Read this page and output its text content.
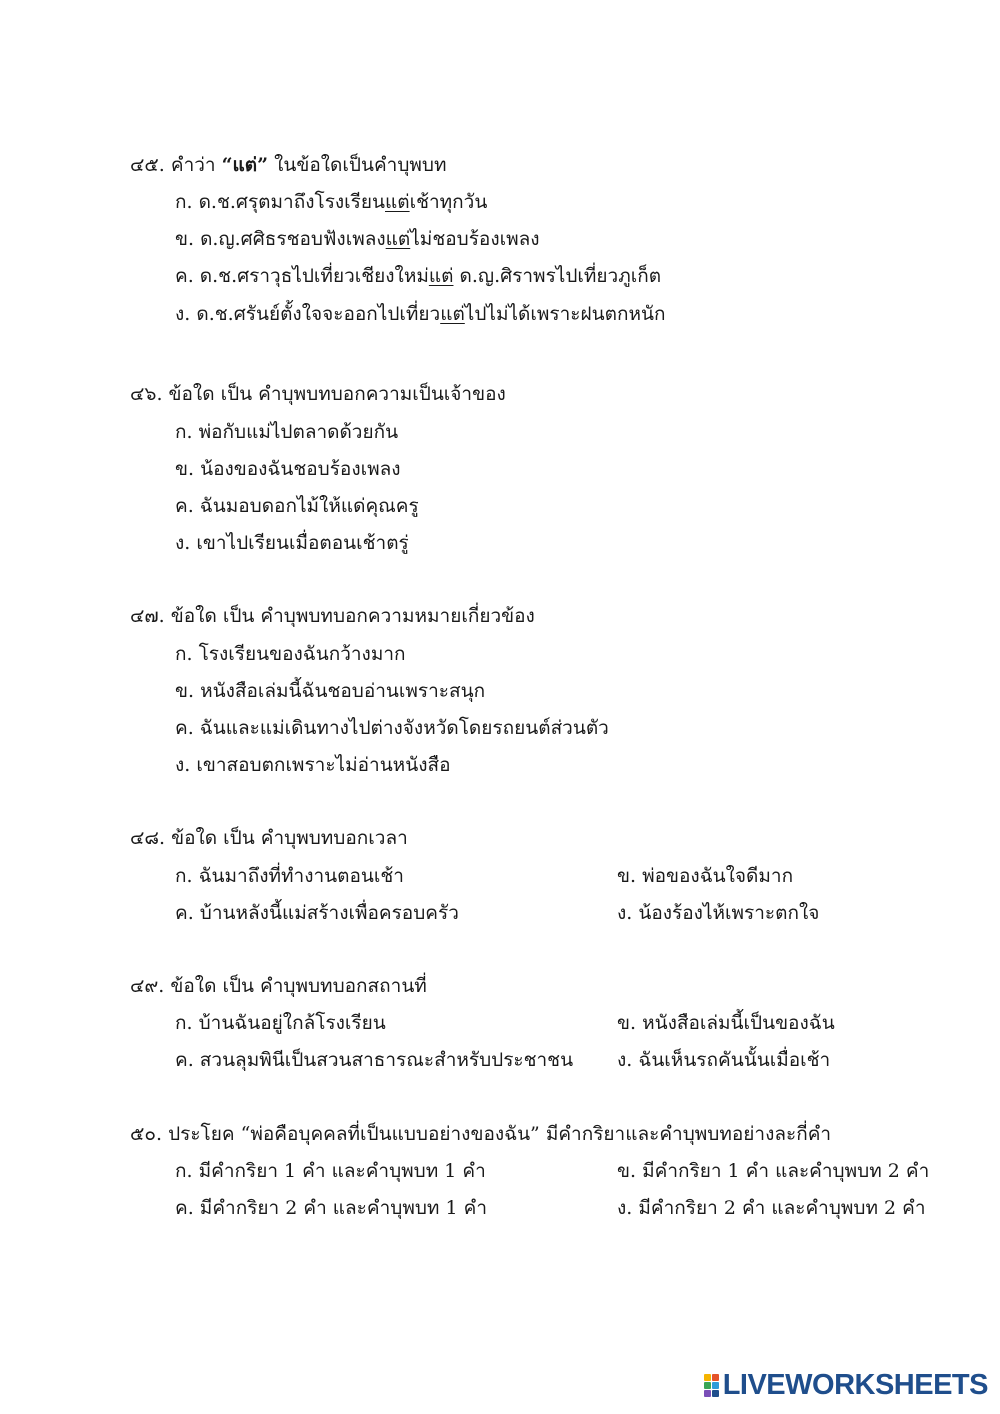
๔๕. คำว่า “แต่” ในข้อใดเป็นคำบุพบท
ก. ด.ช.ศรุตมาถึงโรงเรียนแต่เช้าทุกวัน
ข. ด.ญ.ศศิธรชอบฟังเพลงแต่ไม่ชอบร้องเพลง
ค. ด.ช.ศราวุธไปเที่ยวเชียงใหม่แต่ ด.ญ.ศิราพรไปเที่ยวภูเก็ต
ง. ด.ช.ศรันย์ตั้งใจจะออกไปเที่ยวแต่ไปไม่ได้เพราะฝนตกหนัก
๔๖. ข้อใด เป็น คำบุพบทบอกความเป็นเจ้าของ
ก. พ่อกับแม่ไปตลาดด้วยกัน
ข. น้องของฉันชอบร้องเพลง
ค. ฉันมอบดอกไม้ให้แด่คุณครู
ง. เขาไปเรียนเมื่อตอนเช้าตรู่
๔๗. ข้อใด เป็น คำบุพบทบอกความหมายเกี่ยวข้อง
ก. โรงเรียนของฉันกว้างมาก
ข. หนังสือเล่มนี้ฉันชอบอ่านเพราะสนุก
ค. ฉันและแม่เดินทางไปต่างจังหวัดโดยรถยนต์ส่วนตัว
ง. เขาสอบตกเพราะไม่อ่านหนังสือ
๔๘. ข้อใด เป็น คำบุพบทบอกเวลา
ก. ฉันมาถึงที่ทำงานตอนเช้า	ข. พ่อของฉันใจดีมาก
ค. บ้านหลังนี้แม่สร้างเพื่อครอบครัว	ง. น้องร้องไห้เพราะตกใจ
๔๙. ข้อใด เป็น คำบุพบทบอกสถานที่
ก. บ้านฉันอยู่ใกล้โรงเรียน	ข. หนังสือเล่มนี้เป็นของฉัน
ค. สวนลุมพินีเป็นสวนสาธารณะสำหรับประชาชน ง. ฉันเห็นรถคันนั้นเมื่อเช้า
๕๐. ประโยค “พ่อคือบุคคลที่เป็นแบบอย่างของฉัน” มีคำกริยาและคำบุพบทอย่างละกี่คำ
ก. มีคำกริยา 1 คำ และคำบุพบท 1 คำ	ข. มีคำกริยา 1 คำ และคำบุพบท 2 คำ
ค. มีคำกริยา 2 คำ และคำบุพบท 1 คำ	ง. มีคำกริยา 2 คำ และคำบุพบท 2 คำ
LIVEWORKSHEETS
